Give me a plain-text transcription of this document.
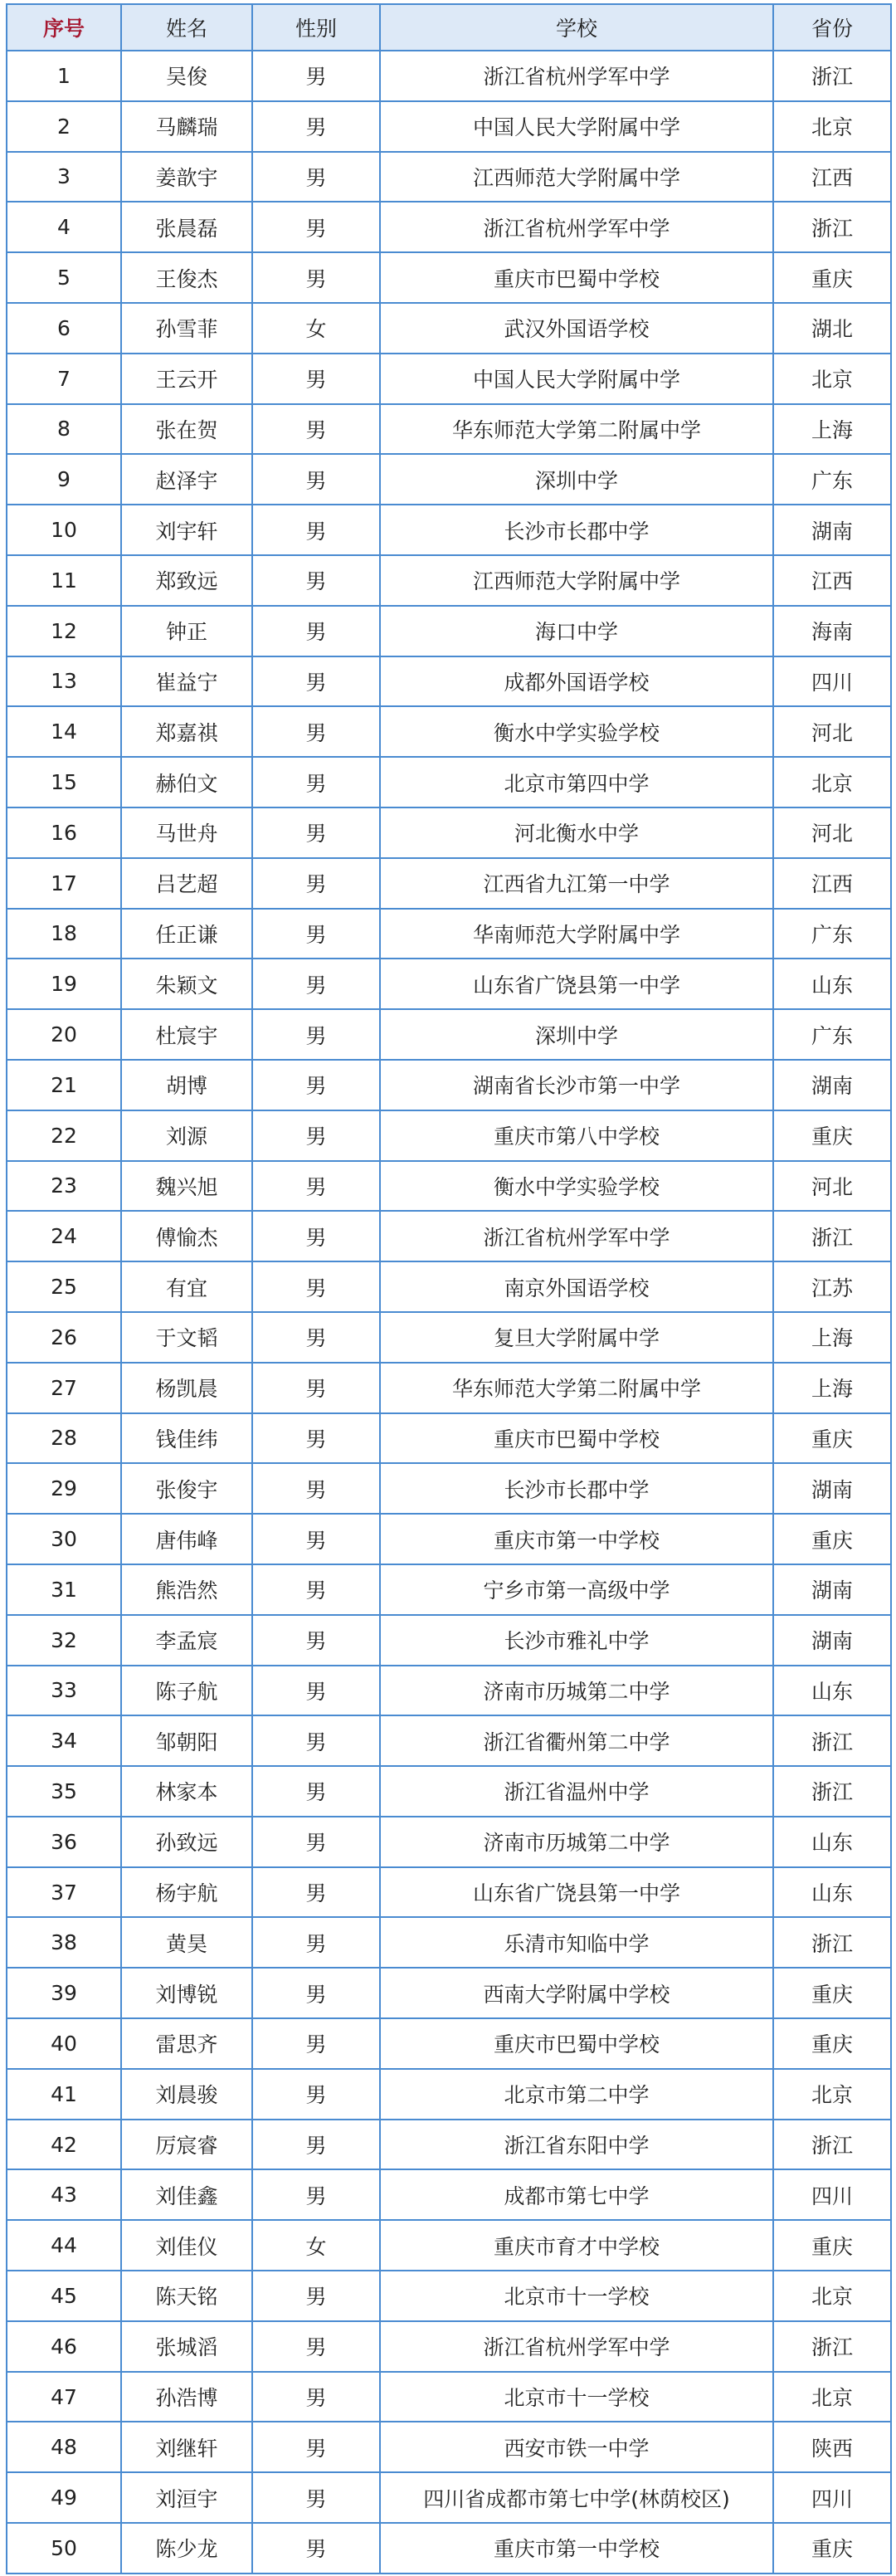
序号	姓名	性别	学校	省份
1	吴俊	男	浙江省杭州学军中学	浙江
2	马麟瑞	男	中国人民大学附属中学	北京
3	姜歆宇	男	江西师范大学附属中学	江西
4	张晨磊	男	浙江省杭州学军中学	浙江
5	王俊杰	男	重庆市巴蜀中学校	重庆
6	孙雪菲	女	武汉外国语学校	湖北
7	王云开	男	中国人民大学附属中学	北京
8	张在贺	男	华东师范大学第二附属中学	上海
9	赵泽宇	男	深圳中学	广东
10	刘宇轩	男	长沙市长郡中学	湖南
11	郑致远	男	江西师范大学附属中学	江西
12	钟正	男	海口中学	海南
13	崔益宁	男	成都外国语学校	四川
14	郑嘉祺	男	衡水中学实验学校	河北
15	赫伯文	男	北京市第四中学	北京
16	马世舟	男	河北衡水中学	河北
17	吕艺超	男	江西省九江第一中学	江西
18	任正谦	男	华南师范大学附属中学	广东
19	朱颖文	男	山东省广饶县第一中学	山东
20	杜宸宇	男	深圳中学	广东
21	胡博	男	湖南省长沙市第一中学	湖南
22	刘源	男	重庆市第八中学校	重庆
23	魏兴旭	男	衡水中学实验学校	河北
24	傅愉杰	男	浙江省杭州学军中学	浙江
25	有宜	男	南京外国语学校	江苏
26	于文韬	男	复旦大学附属中学	上海
27	杨凯晨	男	华东师范大学第二附属中学	上海
28	钱佳纬	男	重庆市巴蜀中学校	重庆
29	张俊宇	男	长沙市长郡中学	湖南
30	唐伟峰	男	重庆市第一中学校	重庆
31	熊浩然	男	宁乡市第一高级中学	湖南
32	李孟宸	男	长沙市雅礼中学	湖南
33	陈子航	男	济南市历城第二中学	山东
34	邹朝阳	男	浙江省衢州第二中学	浙江
35	林家本	男	浙江省温州中学	浙江
36	孙致远	男	济南市历城第二中学	山东
37	杨宇航	男	山东省广饶县第一中学	山东
38	黄昊	男	乐清市知临中学	浙江
39	刘博锐	男	西南大学附属中学校	重庆
40	雷思齐	男	重庆市巴蜀中学校	重庆
41	刘晨骏	男	北京市第二中学	北京
42	厉宸睿	男	浙江省东阳中学	浙江
43	刘佳鑫	男	成都市第七中学	四川
44	刘佳仪	女	重庆市育才中学校	重庆
45	陈天铭	男	北京市十一学校	北京
46	张城滔	男	浙江省杭州学军中学	浙江
47	孙浩博	男	北京市十一学校	北京
48	刘继轩	男	西安市铁一中学	陕西
49	刘洹宇	男	四川省成都市第七中学(林荫校区)	四川
50	陈少龙	男	重庆市第一中学校	重庆
